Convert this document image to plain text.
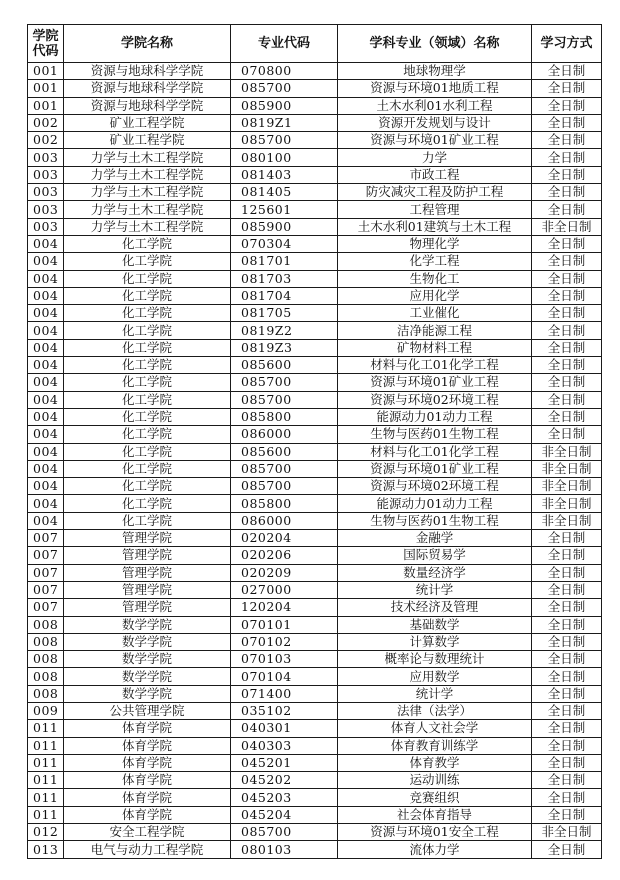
学院
代码	学院名称	专业代码	学科专业（领域）名称	学习方式
001	资源与地球科学学院	070800	地球物理学	全日制
001	资源与地球科学学院	085700	资源与环境01地质工程	全日制
001	资源与地球科学学院	085900	土木水利01水利工程	全日制
002	矿业工程学院	0819Z1	资源开发规划与设计	全日制
002	矿业工程学院	085700	资源与环境01矿业工程	全日制
003	力学与土木工程学院	080100	力学	全日制
003	力学与土木工程学院	081403	市政工程	全日制
003	力学与土木工程学院	081405	防灾减灾工程及防护工程	全日制
003	力学与土木工程学院	125601	工程管理	全日制
003	力学与土木工程学院	085900	土木水利01建筑与土木工程	非全日制
004	化工学院	070304	物理化学	全日制
004	化工学院	081701	化学工程	全日制
004	化工学院	081703	生物化工	全日制
004	化工学院	081704	应用化学	全日制
004	化工学院	081705	工业催化	全日制
004	化工学院	0819Z2	洁净能源工程	全日制
004	化工学院	0819Z3	矿物材料工程	全日制
004	化工学院	085600	材料与化工01化学工程	全日制
004	化工学院	085700	资源与环境01矿业工程	全日制
004	化工学院	085700	资源与环境02环境工程	全日制
004	化工学院	085800	能源动力01动力工程	全日制
004	化工学院	086000	生物与医药01生物工程	全日制
004	化工学院	085600	材料与化工01化学工程	非全日制
004	化工学院	085700	资源与环境01矿业工程	非全日制
004	化工学院	085700	资源与环境02环境工程	非全日制
004	化工学院	085800	能源动力01动力工程	非全日制
004	化工学院	086000	生物与医药01生物工程	非全日制
007	管理学院	020204	金融学	全日制
007	管理学院	020206	国际贸易学	全日制
007	管理学院	020209	数量经济学	全日制
007	管理学院	027000	统计学	全日制
007	管理学院	120204	技术经济及管理	全日制
008	数学学院	070101	基础数学	全日制
008	数学学院	070102	计算数学	全日制
008	数学学院	070103	概率论与数理统计	全日制
008	数学学院	070104	应用数学	全日制
008	数学学院	071400	统计学	全日制
009	公共管理学院	035102	法律（法学）	全日制
011	体育学院	040301	体育人文社会学	全日制
011	体育学院	040303	体育教育训练学	全日制
011	体育学院	045201	体育教学	全日制
011	体育学院	045202	运动训练	全日制
011	体育学院	045203	竞赛组织	全日制
011	体育学院	045204	社会体育指导	全日制
012	安全工程学院	085700	资源与环境01安全工程	非全日制
013	电气与动力工程学院	080103	流体力学	全日制
